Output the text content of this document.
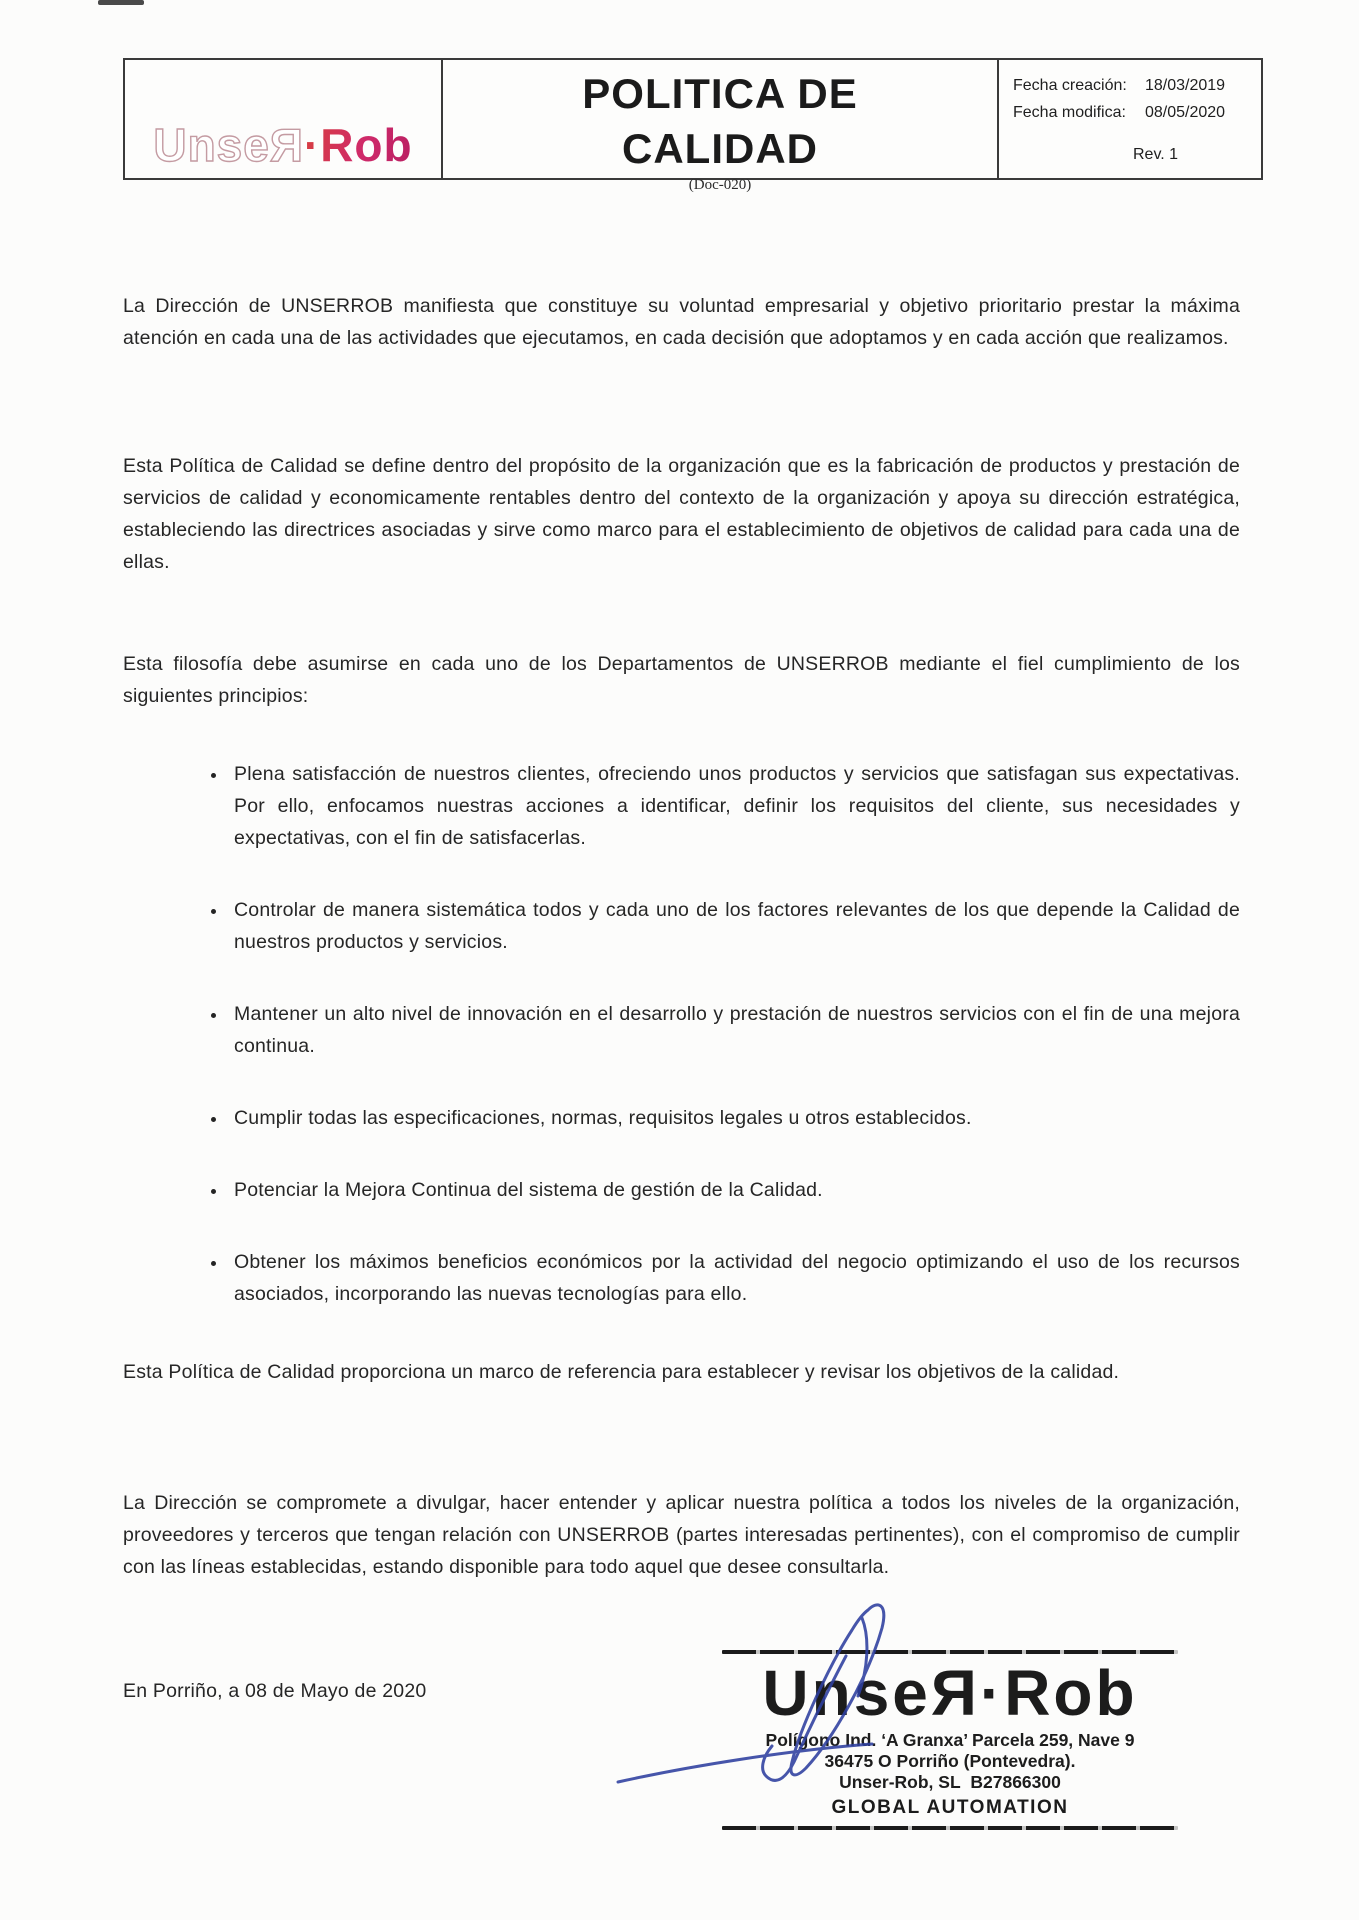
UnseЯ·Rob
POLITICA DE
CALIDAD
(Doc-020)
Fecha creación:	18/03/2019
Fecha modifica:	08/05/2020
Rev. 1
La Dirección de UNSERROB manifiesta que constituye su voluntad empresarial y objetivo prioritario prestar la máxima atención en cada una de las actividades que ejecutamos, en cada decisión que adoptamos y en cada acción que realizamos.
Esta Política de Calidad se define dentro del propósito de la organización que es la fabricación de productos y prestación de servicios de calidad y economicamente rentables dentro del contexto de la organización y apoya su dirección estratégica, estableciendo las directrices asociadas y sirve como marco para el establecimiento de objetivos de calidad para cada una de ellas.
Esta filosofía debe asumirse en cada uno de los Departamentos de UNSERROB mediante el fiel cumplimiento de los siguientes principios:
• Plena satisfacción de nuestros clientes, ofreciendo unos productos y servicios que satisfagan sus expectativas. Por ello, enfocamos nuestras acciones a identificar, definir los requisitos del cliente, sus necesidades y expectativas, con el fin de satisfacerlas.
• Controlar de manera sistemática todos y cada uno de los factores relevantes de los que depende la Calidad de nuestros productos y servicios.
• Mantener un alto nivel de innovación en el desarrollo y prestación de nuestros servicios con el fin de una mejora continua.
• Cumplir todas las especificaciones, normas, requisitos legales u otros establecidos.
• Potenciar la Mejora Continua del sistema de gestión de la Calidad.
• Obtener los máximos beneficios económicos por la actividad del negocio optimizando el uso de los recursos asociados, incorporando las nuevas tecnologías para ello.
Esta Política de Calidad proporciona un marco de referencia para establecer y revisar los objetivos de la calidad.
La Dirección se compromete a divulgar, hacer entender y aplicar nuestra política a todos los niveles de la organización, proveedores y terceros que tengan relación con UNSERROB (partes interesadas pertinentes), con el compromiso de cumplir con las líneas establecidas, estando disponible para todo aquel que desee consultarla.
En Porriño, a 08 de Mayo de 2020	UnseЯ·Rob
Polígono Ind. ‘A Granxa’ Parcela 259, Nave 9
36475 O Porriño (Pontevedra).
Unser-Rob, SL  B27866300
GLOBAL AUTOMATION
